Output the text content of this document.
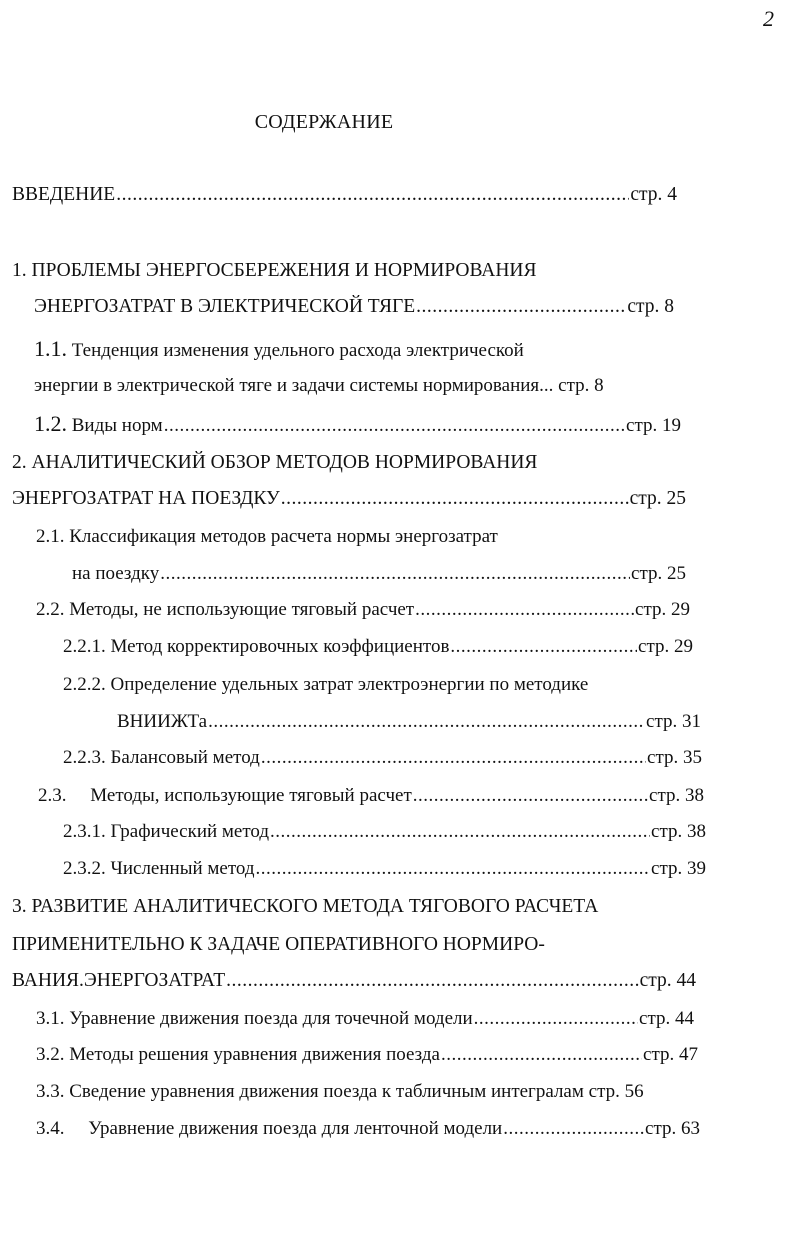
2
СОДЕРЖАНИЕ
ВВЕДЕНИЕ .....	стр. 4
1. ПРОБЛЕМЫ ЭНЕРГОСБЕРЕЖЕНИЯ И НОРМИРОВАНИЯ
ЭНЕРГОЗАТРАТ В ЭЛЕКТРИЧЕСКОЙ ТЯГЕ .....	стр. 8
1.1. Тенденция изменения удельного расхода электрической
энергии в электрической тяге и задачи системы нормирования... стр. 8
1.2. Виды норм .....	стр. 19
2. АНАЛИТИЧЕСКИЙ ОБЗОР МЕТОДОВ НОРМИРОВАНИЯ
ЭНЕРГОЗАТРАТ НА ПОЕЗДКУ .....	стр. 25
2.1. Классификация методов расчета нормы энергозатрат
на поездку .....	стр. 25
2.2. Методы, не использующие тяговый расчет .....	стр. 29
2.2.1. Метод корректировочных коэффициентов .....	стр. 29
2.2.2. Определение удельных затрат электроэнергии по методике
ВНИИЖТа .....	стр. 31
2.2.3. Балансовый метод .....	стр. 35
2.3. Методы, использующие тяговый расчет .....	стр. 38
2.3.1. Графический метод .....	стр. 38
2.3.2. Численный метод .....	стр. 39
3. РАЗВИТИЕ АНАЛИТИЧЕСКОГО МЕТОДА ТЯГОВОГО РАСЧЕТА
ПРИМЕНИТЕЛЬНО К ЗАДАЧЕ ОПЕРАТИВНОГО НОРМИРО-
ВАНИЯ.ЭНЕРГОЗАТРАТ .....	стр. 44
3.1. Уравнение движения поезда для точечной модели .....	стр. 44
3.2. Методы решения уравнения движения поезда .....	стр. 47
3.3. Сведение уравнения движения поезда к табличным интегралам стр. 56
3.4. Уравнение движения поезда для ленточной модели .....	стр. 63
